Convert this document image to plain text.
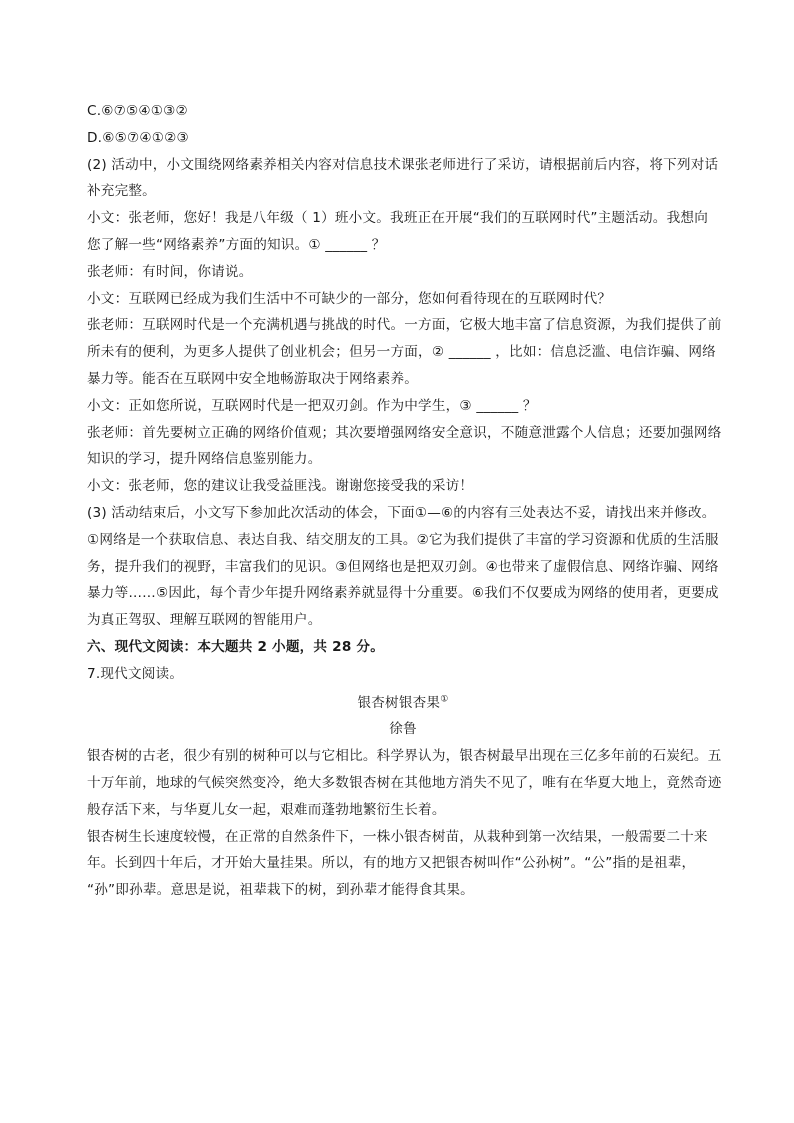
C.⑥⑦⑤④①③②
D.⑥⑤⑦④①②③
(2) 活动中，小文围绕网络素养相关内容对信息技术课张老师进行了采访，请根据前后内容，将下列对话
补充完整。
小文：张老师，您好！我是八年级（ 1）班小文。我班正在开展“我们的互联网时代”主题活动。我想向
您了解一些“网络素养”方面的知识。① ______ ？
张老师：有时间，你请说。
小文：互联网已经成为我们生活中不可缺少的一部分，您如何看待现在的互联网时代？
张老师：互联网时代是一个充满机遇与挑战的时代。一方面，它极大地丰富了信息资源，为我们提供了前
所未有的便利，为更多人提供了创业机会；但另一方面，② ______ ，比如：信息泛滥、电信诈骗、网络
暴力等。能否在互联网中安全地畅游取决于网络素养。
小文：正如您所说，互联网时代是一把双刃剑。作为中学生，③ ______ ？
张老师：首先要树立正确的网络价值观；其次要增强网络安全意识，不随意泄露个人信息；还要加强网络
知识的学习，提升网络信息鉴别能力。
小文：张老师，您的建议让我受益匪浅。谢谢您接受我的采访！
(3) 活动结束后，小文写下参加此次活动的体会，下面①—⑥的内容有三处表达不妥，请找出来并修改。
①网络是一个获取信息、表达自我、结交朋友的工具。②它为我们提供了丰富的学习资源和优质的生活服
务，提升我们的视野，丰富我们的见识。③但网络也是把双刃剑。④也带来了虚假信息、网络诈骗、网络
暴力等……⑤因此，每个青少年提升网络素养就显得十分重要。⑥我们不仅要成为网络的使用者，更要成
为真正驾驭、理解互联网的智能用户。
六、现代文阅读：本大题共 2 小题，共 28 分。
7.现代文阅读。
银杏树银杏果①
徐鲁
银杏树的古老，很少有别的树种可以与它相比。科学界认为，银杏树最早出现在三亿多年前的石炭纪。五
十万年前，地球的气候突然变冷，绝大多数银杏树在其他地方消失不见了，唯有在华夏大地上，竟然奇迹
般存活下来，与华夏儿女一起，艰难而蓬勃地繁衍生长着。
银杏树生长速度较慢，在正常的自然条件下，一株小银杏树苗，从栽种到第一次结果，一般需要二十来
年。长到四十年后，才开始大量挂果。所以，有的地方又把银杏树叫作“公孙树”。“公”指的是祖辈，
“孙”即孙辈。意思是说，祖辈栽下的树，到孙辈才能得食其果。
